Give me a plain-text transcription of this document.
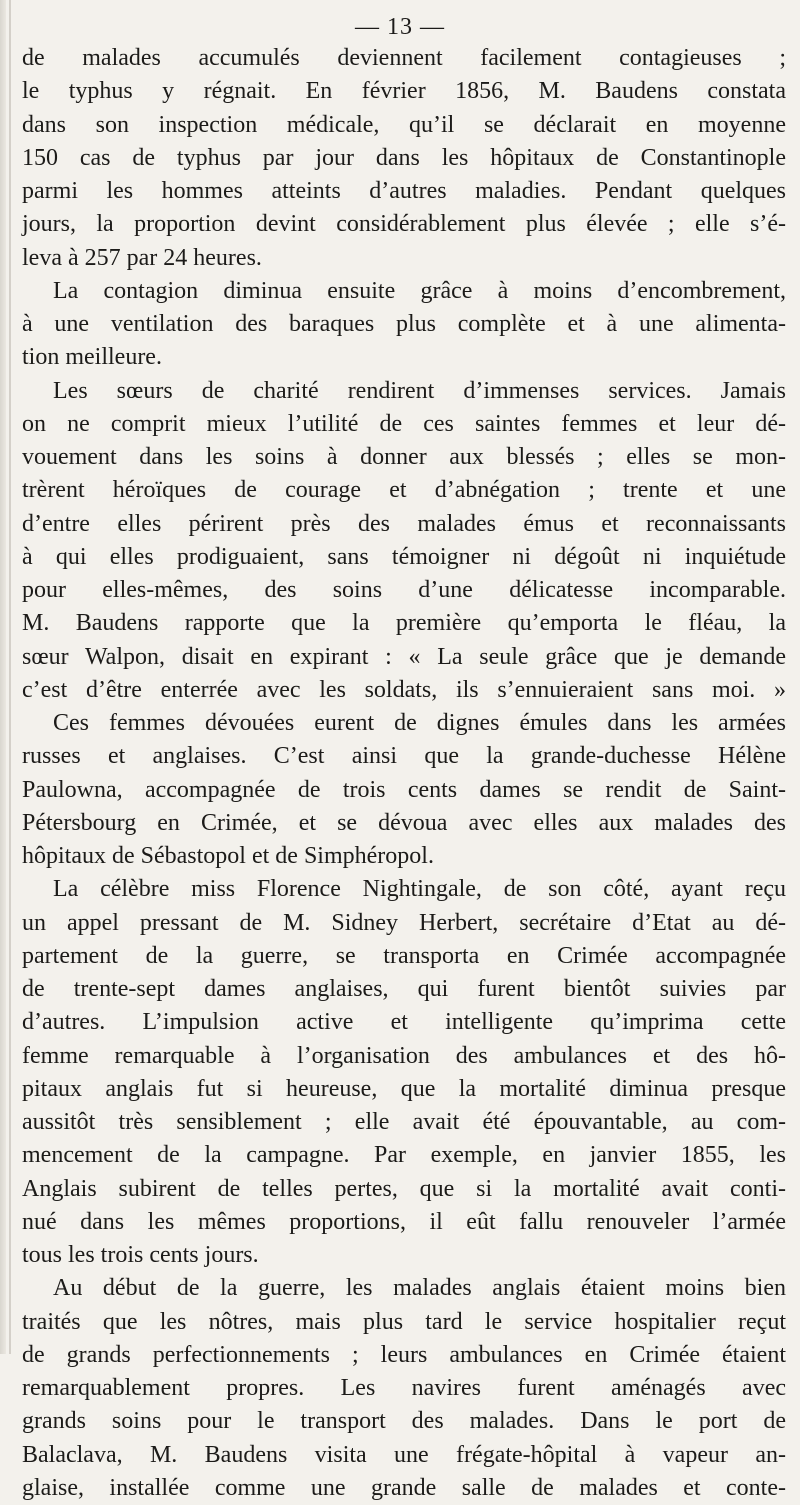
— 13 —

de malades accumulés deviennent facilement contagieuses ;
le typhus y régnait. En février 1856, M. Baudens constata
dans son inspection médicale, qu’il se déclarait en moyenne
150 cas de typhus par jour dans les hôpitaux de Constantinople
parmi les hommes atteints d’autres maladies. Pendant quelques
jours, la proportion devint considérablement plus élevée ; elle s’é-
leva à 257 par 24 heures.
La contagion diminua ensuite grâce à moins d’encombrement,
à une ventilation des baraques plus complète et à une alimenta-
tion meilleure.
Les sœurs de charité rendirent d’immenses services. Jamais
on ne comprit mieux l’utilité de ces saintes femmes et leur dé-
vouement dans les soins à donner aux blessés ; elles se mon-
trèrent héroïques de courage et d’abnégation ; trente et une
d’entre elles périrent près des malades émus et reconnaissants
à qui elles prodiguaient, sans témoigner ni dégoût ni inquiétude
pour elles-mêmes, des soins d’une délicatesse incomparable.
M. Baudens rapporte que la première qu’emporta le fléau, la
sœur Walpon, disait en expirant : « La seule grâce que je demande
c’est d’être enterrée avec les soldats, ils s’ennuieraient sans moi. »
Ces femmes dévouées eurent de dignes émules dans les armées
russes et anglaises. C’est ainsi que la grande-duchesse Hélène
Paulowna, accompagnée de trois cents dames se rendit de Saint-
Pétersbourg en Crimée, et se dévoua avec elles aux malades des
hôpitaux de Sébastopol et de Simphéropol.
La célèbre miss Florence Nightingale, de son côté, ayant reçu
un appel pressant de M. Sidney Herbert, secrétaire d’Etat au dé-
partement de la guerre, se transporta en Crimée accompagnée
de trente-sept dames anglaises, qui furent bientôt suivies par
d’autres. L’impulsion active et intelligente qu’imprima cette
femme remarquable à l’organisation des ambulances et des hô-
pitaux anglais fut si heureuse, que la mortalité diminua presque
aussitôt très sensiblement ; elle avait été épouvantable, au com-
mencement de la campagne. Par exemple, en janvier 1855, les
Anglais subirent de telles pertes, que si la mortalité avait conti-
nué dans les mêmes proportions, il eût fallu renouveler l’armée
tous les trois cents jours.
Au début de la guerre, les malades anglais étaient moins bien
traités que les nôtres, mais plus tard le service hospitalier reçut
de grands perfectionnements ; leurs ambulances en Crimée étaient
remarquablement propres. Les navires furent aménagés avec
grands soins pour le transport des malades. Dans le port de
Balaclava, M. Baudens visita une frégate-hôpital à vapeur an-
glaise, installée comme une grande salle de malades et conte-
